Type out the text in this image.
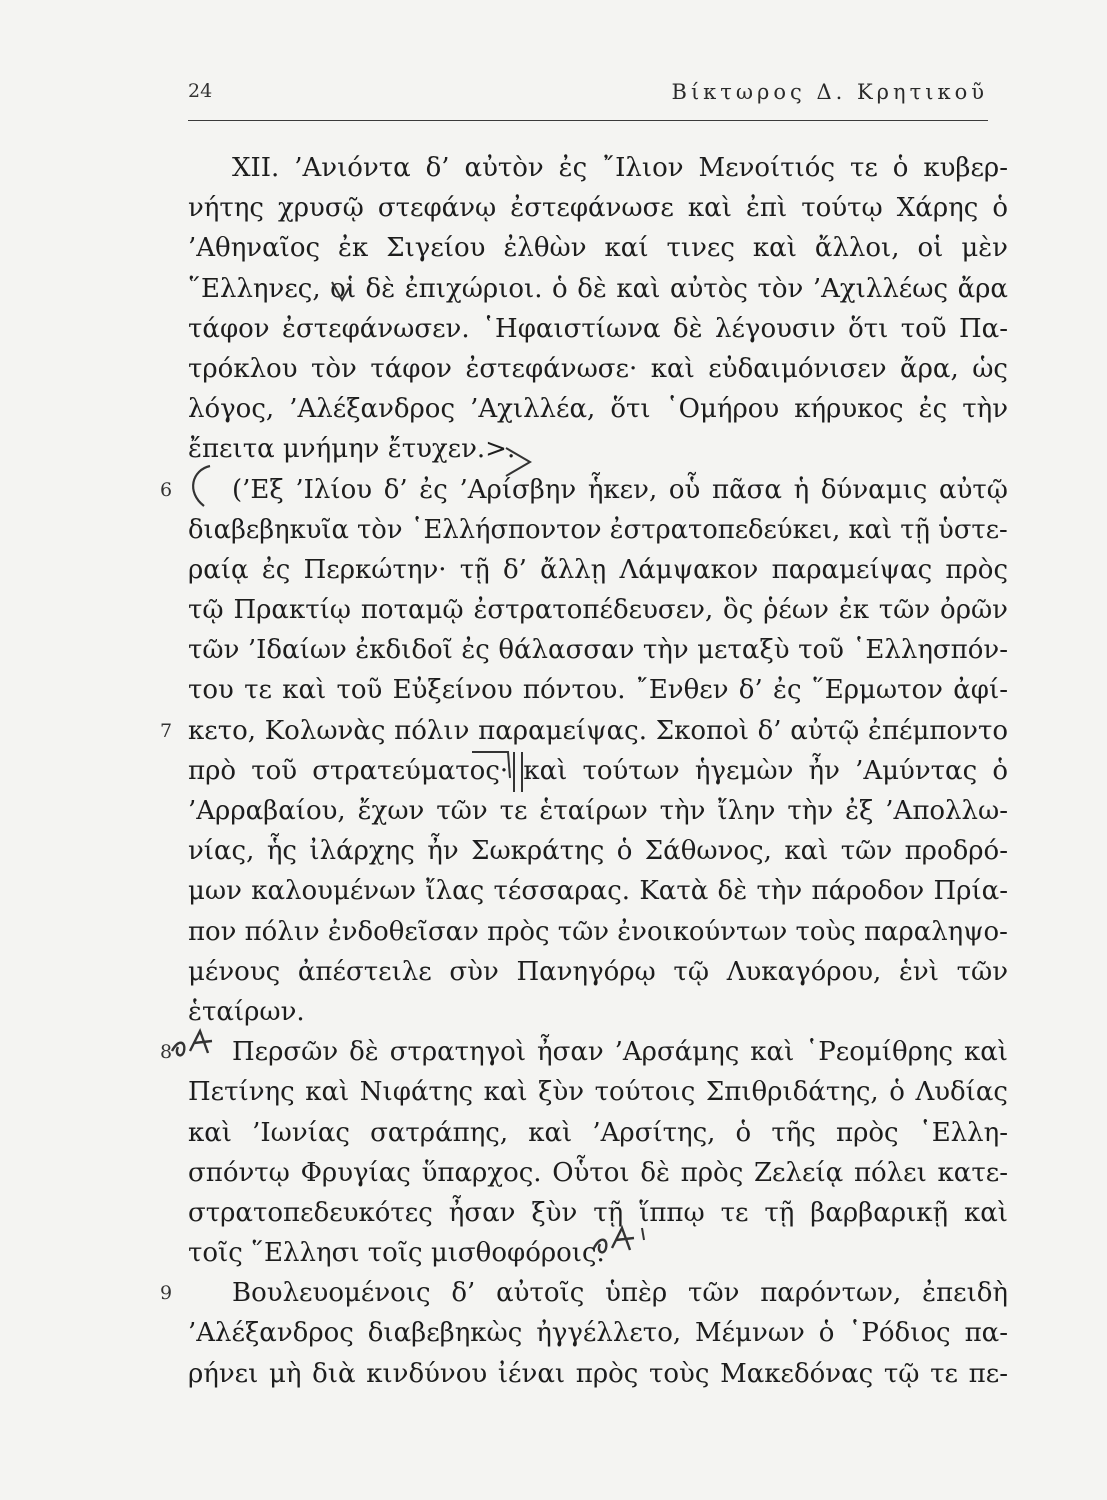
24	Βίκτωρος Δ. Κρητικοῦ
XII. ’Ανιόντα δ’ αὐτὸν ἐς ῎Ιλιον Μενοίτιός τε ὁ κυβερ-
νήτης χρυσῷ στεφάνῳ ἐστεφάνωσε καὶ ἐπὶ τούτῳ Χάρης ὁ
’Αθηναῖος ἐκ Σιγείου ἐλθὼν καί τινες καὶ ἄλλοι, οἱ μὲν
῞Ελληνες, οἱ δὲ ἐπιχώριοι. ὁ δὲ καὶ αὐτὸς τὸν ’Αχιλλέως ἄρα
τάφον ἐστεφάνωσεν. ῾Ηφαιστίωνα δὲ λέγουσιν ὅτι τοῦ Πα-
τρόκλου τὸν τάφον ἐστεφάνωσε· καὶ εὐδαιμόνισεν ἄρα, ὡς
λόγος, ’Αλέξανδρος ’Αχιλλέα, ὅτι ῾Ομήρου κήρυκος ἐς τὴν
ἔπειτα μνήμην ἔτυχεν.>.
6 (’Εξ ’Ιλίου δ’ ἐς ’Αρίσβην ἧκεν, οὗ πᾶσα ἡ δύναμις αὐτῷ
διαβεβηκυῖα τὸν ῾Ελλήσποντον ἐστρατοπεδεύκει, καὶ τῇ ὑστε-
ραίᾳ ἐς Περκώτην· τῇ δ’ ἄλλῃ Λάμψακον παραμείψας πρὸς
τῷ Πρακτίῳ ποταμῷ ἐστρατοπέδευσεν, ὃς ῥέων ἐκ τῶν ὀρῶν
τῶν ’Ιδαίων ἐκδιδοῖ ἐς θάλασσαν τὴν μεταξὺ τοῦ ῾Ελλησπόν-
του τε καὶ τοῦ Εὐξείνου πόντου. ῎Ενθεν δ’ ἐς ῞Ερμωτον ἀφί-
7 κετο, Κολωνὰς πόλιν παραμείψας. Σκοποὶ δ’ αὐτῷ ἐπέμποντο
πρὸ τοῦ στρατεύματος· καὶ τούτων ἡγεμὼν ἦν ’Αμύντας ὁ
’Αρραβαίου, ἔχων τῶν τε ἑταίρων τὴν ἴλην τὴν ἐξ ’Απολλω-
νίας, ἧς ἰλάρχης ἦν Σωκράτης ὁ Σάθωνος, καὶ τῶν προδρό-
μων καλουμένων ἴλας τέσσαρας. Κατὰ δὲ τὴν πάροδον Πρία-
πον πόλιν ἐνδοθεῖσαν πρὸς τῶν ἐνοικούντων τοὺς παραληψο-
μένους ἀπέστειλε σὺν Πανηγόρῳ τῷ Λυκαγόρου, ἑνὶ τῶν
ἑταίρων.
8 Περσῶν δὲ στρατηγοὶ ἦσαν ’Αρσάμης καὶ ῾Ρεομίθρης καὶ
Πετίνης καὶ Νιφάτης καὶ ξὺν τούτοις Σπιθριδάτης, ὁ Λυδίας
καὶ ’Ιωνίας σατράπης, καὶ ’Αρσίτης, ὁ τῆς πρὸς ῾Ελλη-
σπόντῳ Φρυγίας ὕπαρχος. Οὗτοι δὲ πρὸς Ζελείᾳ πόλει κατε-
στρατοπεδευκότες ἦσαν ξὺν τῇ ἵππῳ τε τῇ βαρβαρικῇ καὶ
τοῖς ῞Ελλησι τοῖς μισθοφόροις.
9 Βουλευομένοις δ’ αὐτοῖς ὑπὲρ τῶν παρόντων, ἐπειδὴ
’Αλέξανδρος διαβεβηκὼς ἠγγέλλετο, Μέμνων ὁ ῾Ρόδιος πα-
ρήνει μὴ διὰ κινδύνου ἰέναι πρὸς τοὺς Μακεδόνας τῷ τε πε-
